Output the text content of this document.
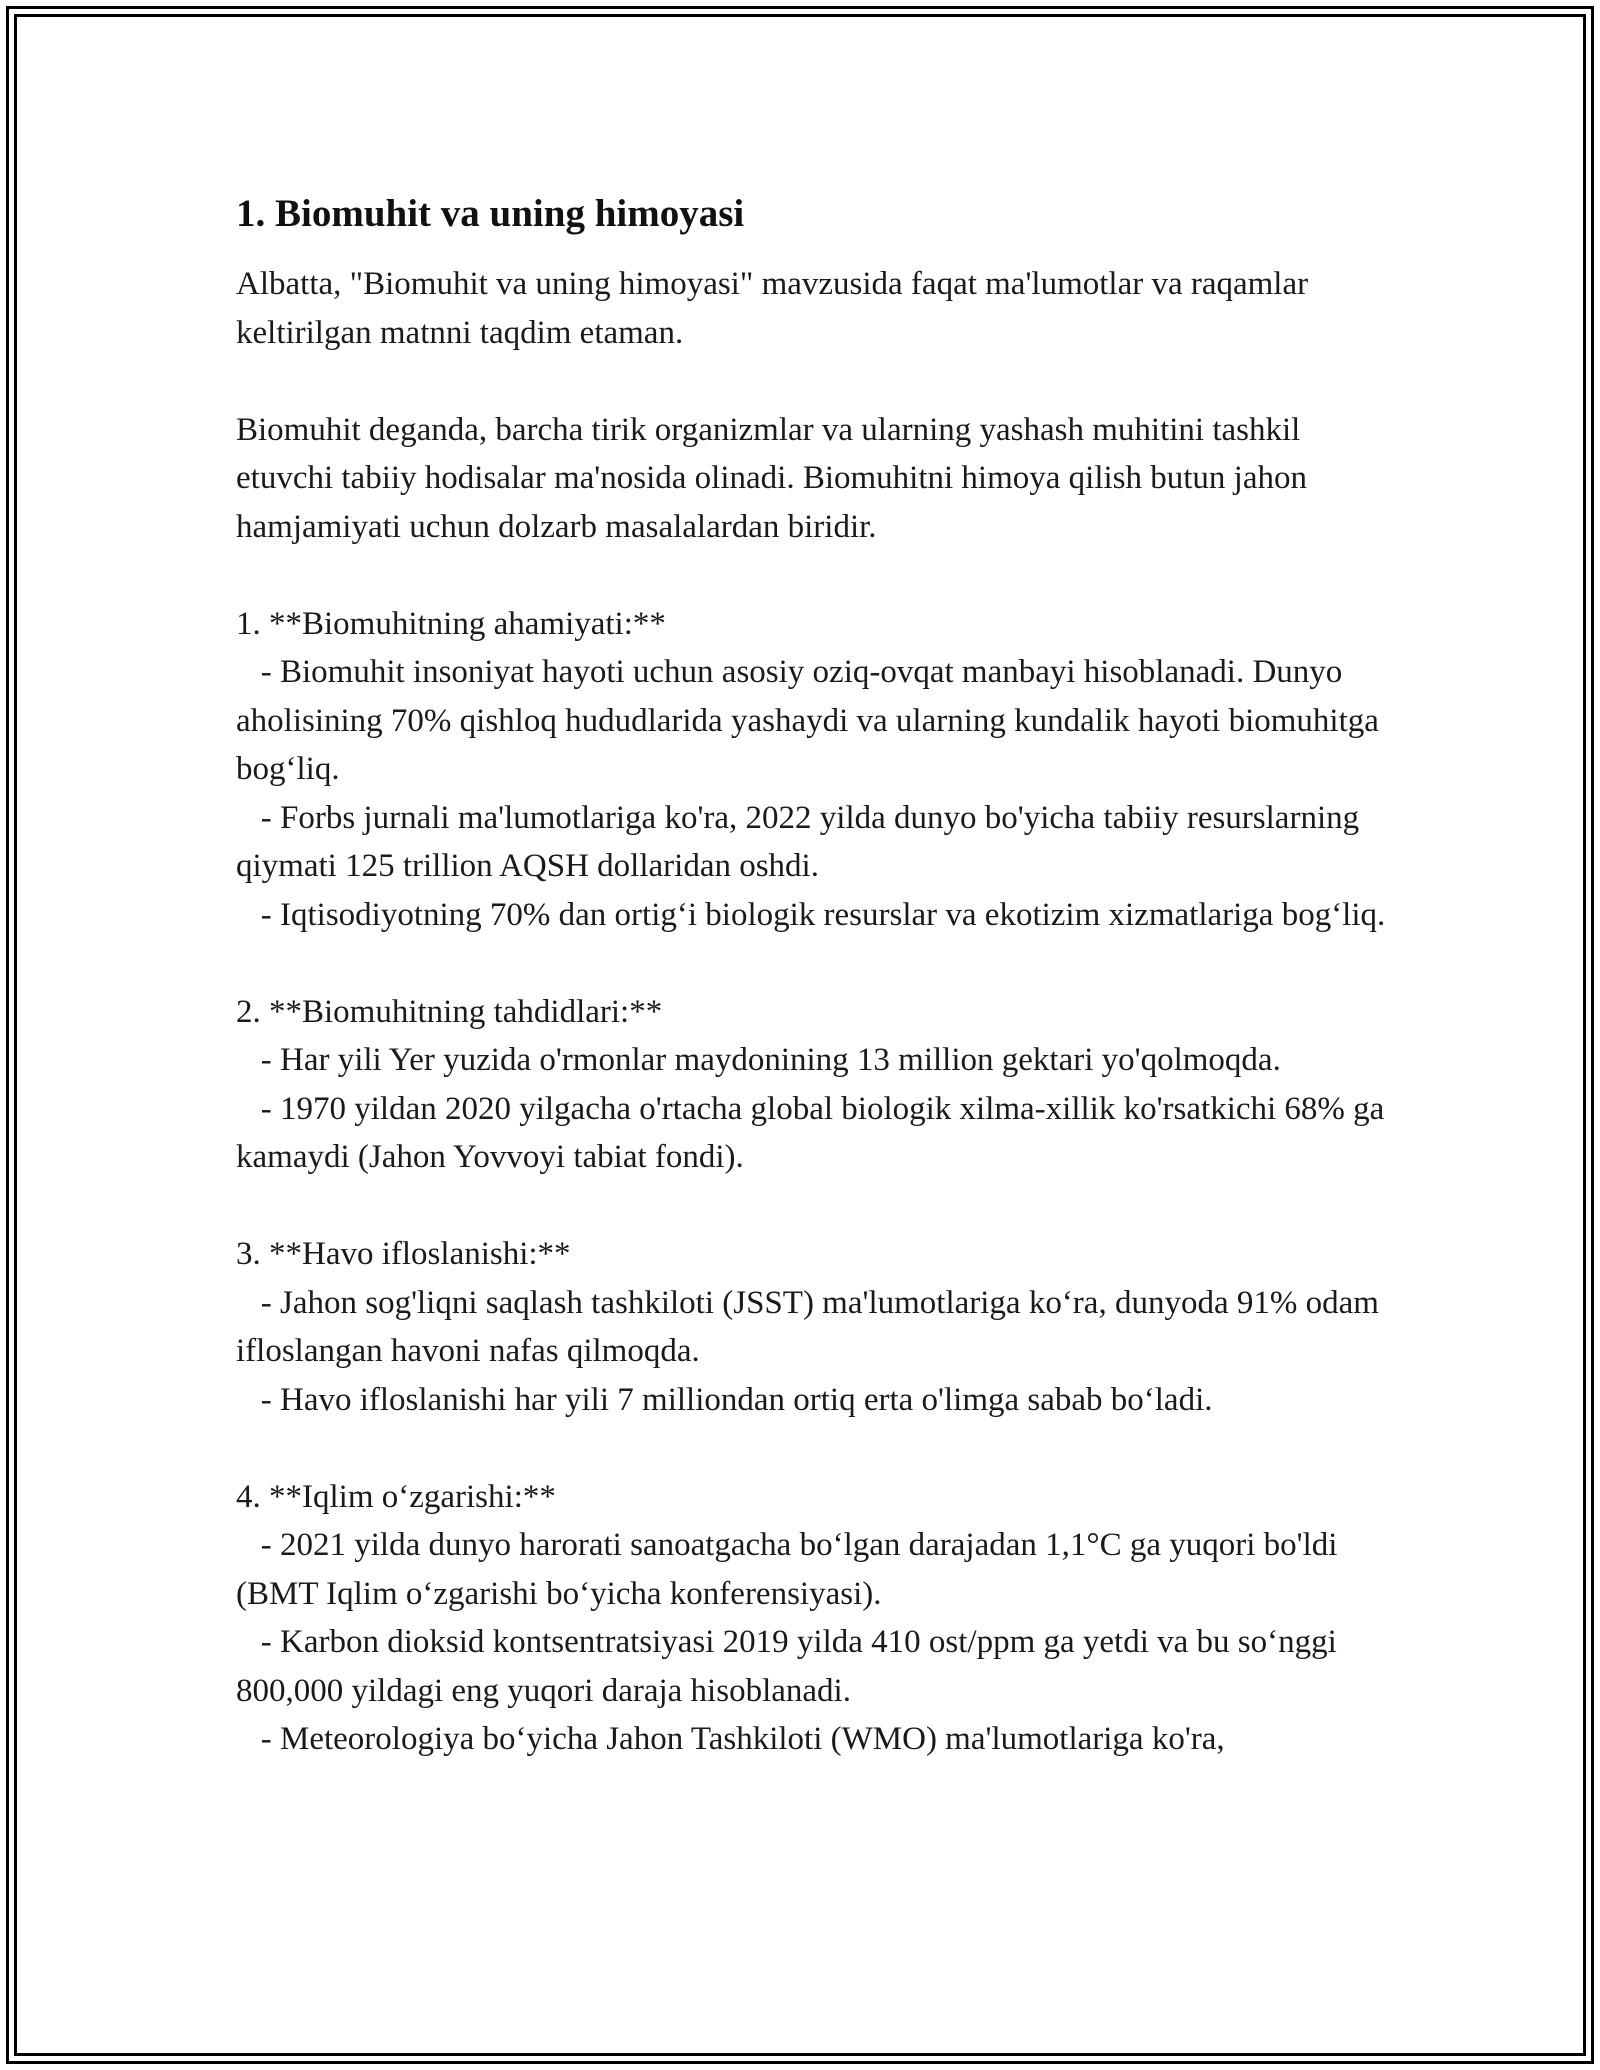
1. Biomuhit va uning himoyasi

Albatta, "Biomuhit va uning himoyasi" mavzusida faqat ma'lumotlar va raqamlar keltirilgan matnni taqdim etaman.

Biomuhit deganda, barcha tirik organizmlar va ularning yashash muhitini tashkil etuvchi tabiiy hodisalar ma'nosida olinadi. Biomuhitni himoya qilish butun jahon hamjamiyati uchun dolzarb masalalardan biridir.

1. **Biomuhitning ahamiyati:**

- Biomuhit insoniyat hayoti uchun asosiy oziq-ovqat manbayi hisoblanadi. Dunyo aholisining 70% qishloq hududlarida yashaydi va ularning kundalik hayoti biomuhitga bog‘liq.

- Forbs jurnali ma'lumotlariga ko'ra, 2022 yilda dunyo bo'yicha tabiiy resurslarning qiymati 125 trillion AQSH dollaridan oshdi.

- Iqtisodiyotning 70% dan ortig‘i biologik resurslar va ekotizim xizmatlariga bog‘liq.

2. **Biomuhitning tahdidlari:**

- Har yili Yer yuzida o'rmonlar maydonining 13 million gektari yo'qolmoqda.

- 1970 yildan 2020 yilgacha o'rtacha global biologik xilma-xillik ko'rsatkichi 68% ga kamaydi (Jahon Yovvoyi tabiat fondi).

3. **Havo ifloslanishi:**

- Jahon sog'liqni saqlash tashkiloti (JSST) ma'lumotlariga ko‘ra, dunyoda 91% odam ifloslangan havoni nafas qilmoqda.

- Havo ifloslanishi har yili 7 milliondan ortiq erta o'limga sabab bo‘ladi.

4. **Iqlim o‘zgarishi:**

- 2021 yilda dunyo harorati sanoatgacha bo‘lgan darajadan 1,1°C ga yuqori bo'ldi (BMT Iqlim o‘zgarishi bo‘yicha konferensiyasi).

- Karbon dioksid kontsentratsiyasi 2019 yilda 410 ost/ppm ga yetdi va bu so‘nggi 800,000 yildagi eng yuqori daraja hisoblanadi.

- Meteorologiya bo‘yicha Jahon Tashkiloti (WMO) ma'lumotlariga ko'ra,
